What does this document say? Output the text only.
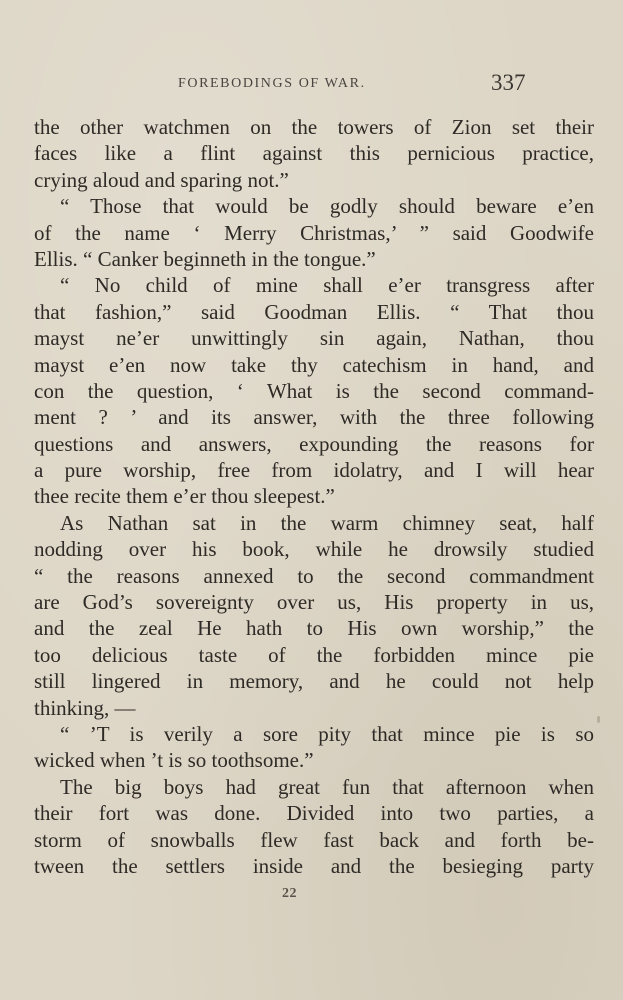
FOREBODINGS OF WAR.	337
the other watchmen on the towers of Zion set their
faces like a flint against this pernicious practice,
crying aloud and sparing not.”
“ Those that would be godly should beware e’en
of the name ‘ Merry Christmas,’ ” said Goodwife
Ellis. “ Canker beginneth in the tongue.”
“ No child of mine shall e’er transgress after
that fashion,” said Goodman Ellis. “ That thou
mayst ne’er unwittingly sin again, Nathan, thou
mayst e’en now take thy catechism in hand, and
con the question, ‘ What is the second command-
ment ? ’ and its answer, with the three following
questions and answers, expounding the reasons for
a pure worship, free from idolatry, and I will hear
thee recite them e’er thou sleepest.”
As Nathan sat in the warm chimney seat, half
nodding over his book, while he drowsily studied
“ the reasons annexed to the second commandment
are God’s sovereignty over us, His property in us,
and the zeal He hath to His own worship,” the
too delicious taste of the forbidden mince pie
still lingered in memory, and he could not help
thinking, —
“ ’T is verily a sore pity that mince pie is so
wicked when ’t is so toothsome.”
The big boys had great fun that afternoon when
their fort was done. Divided into two parties, a
storm of snowballs flew fast back and forth be-
tween the settlers inside and the besieging party
22
